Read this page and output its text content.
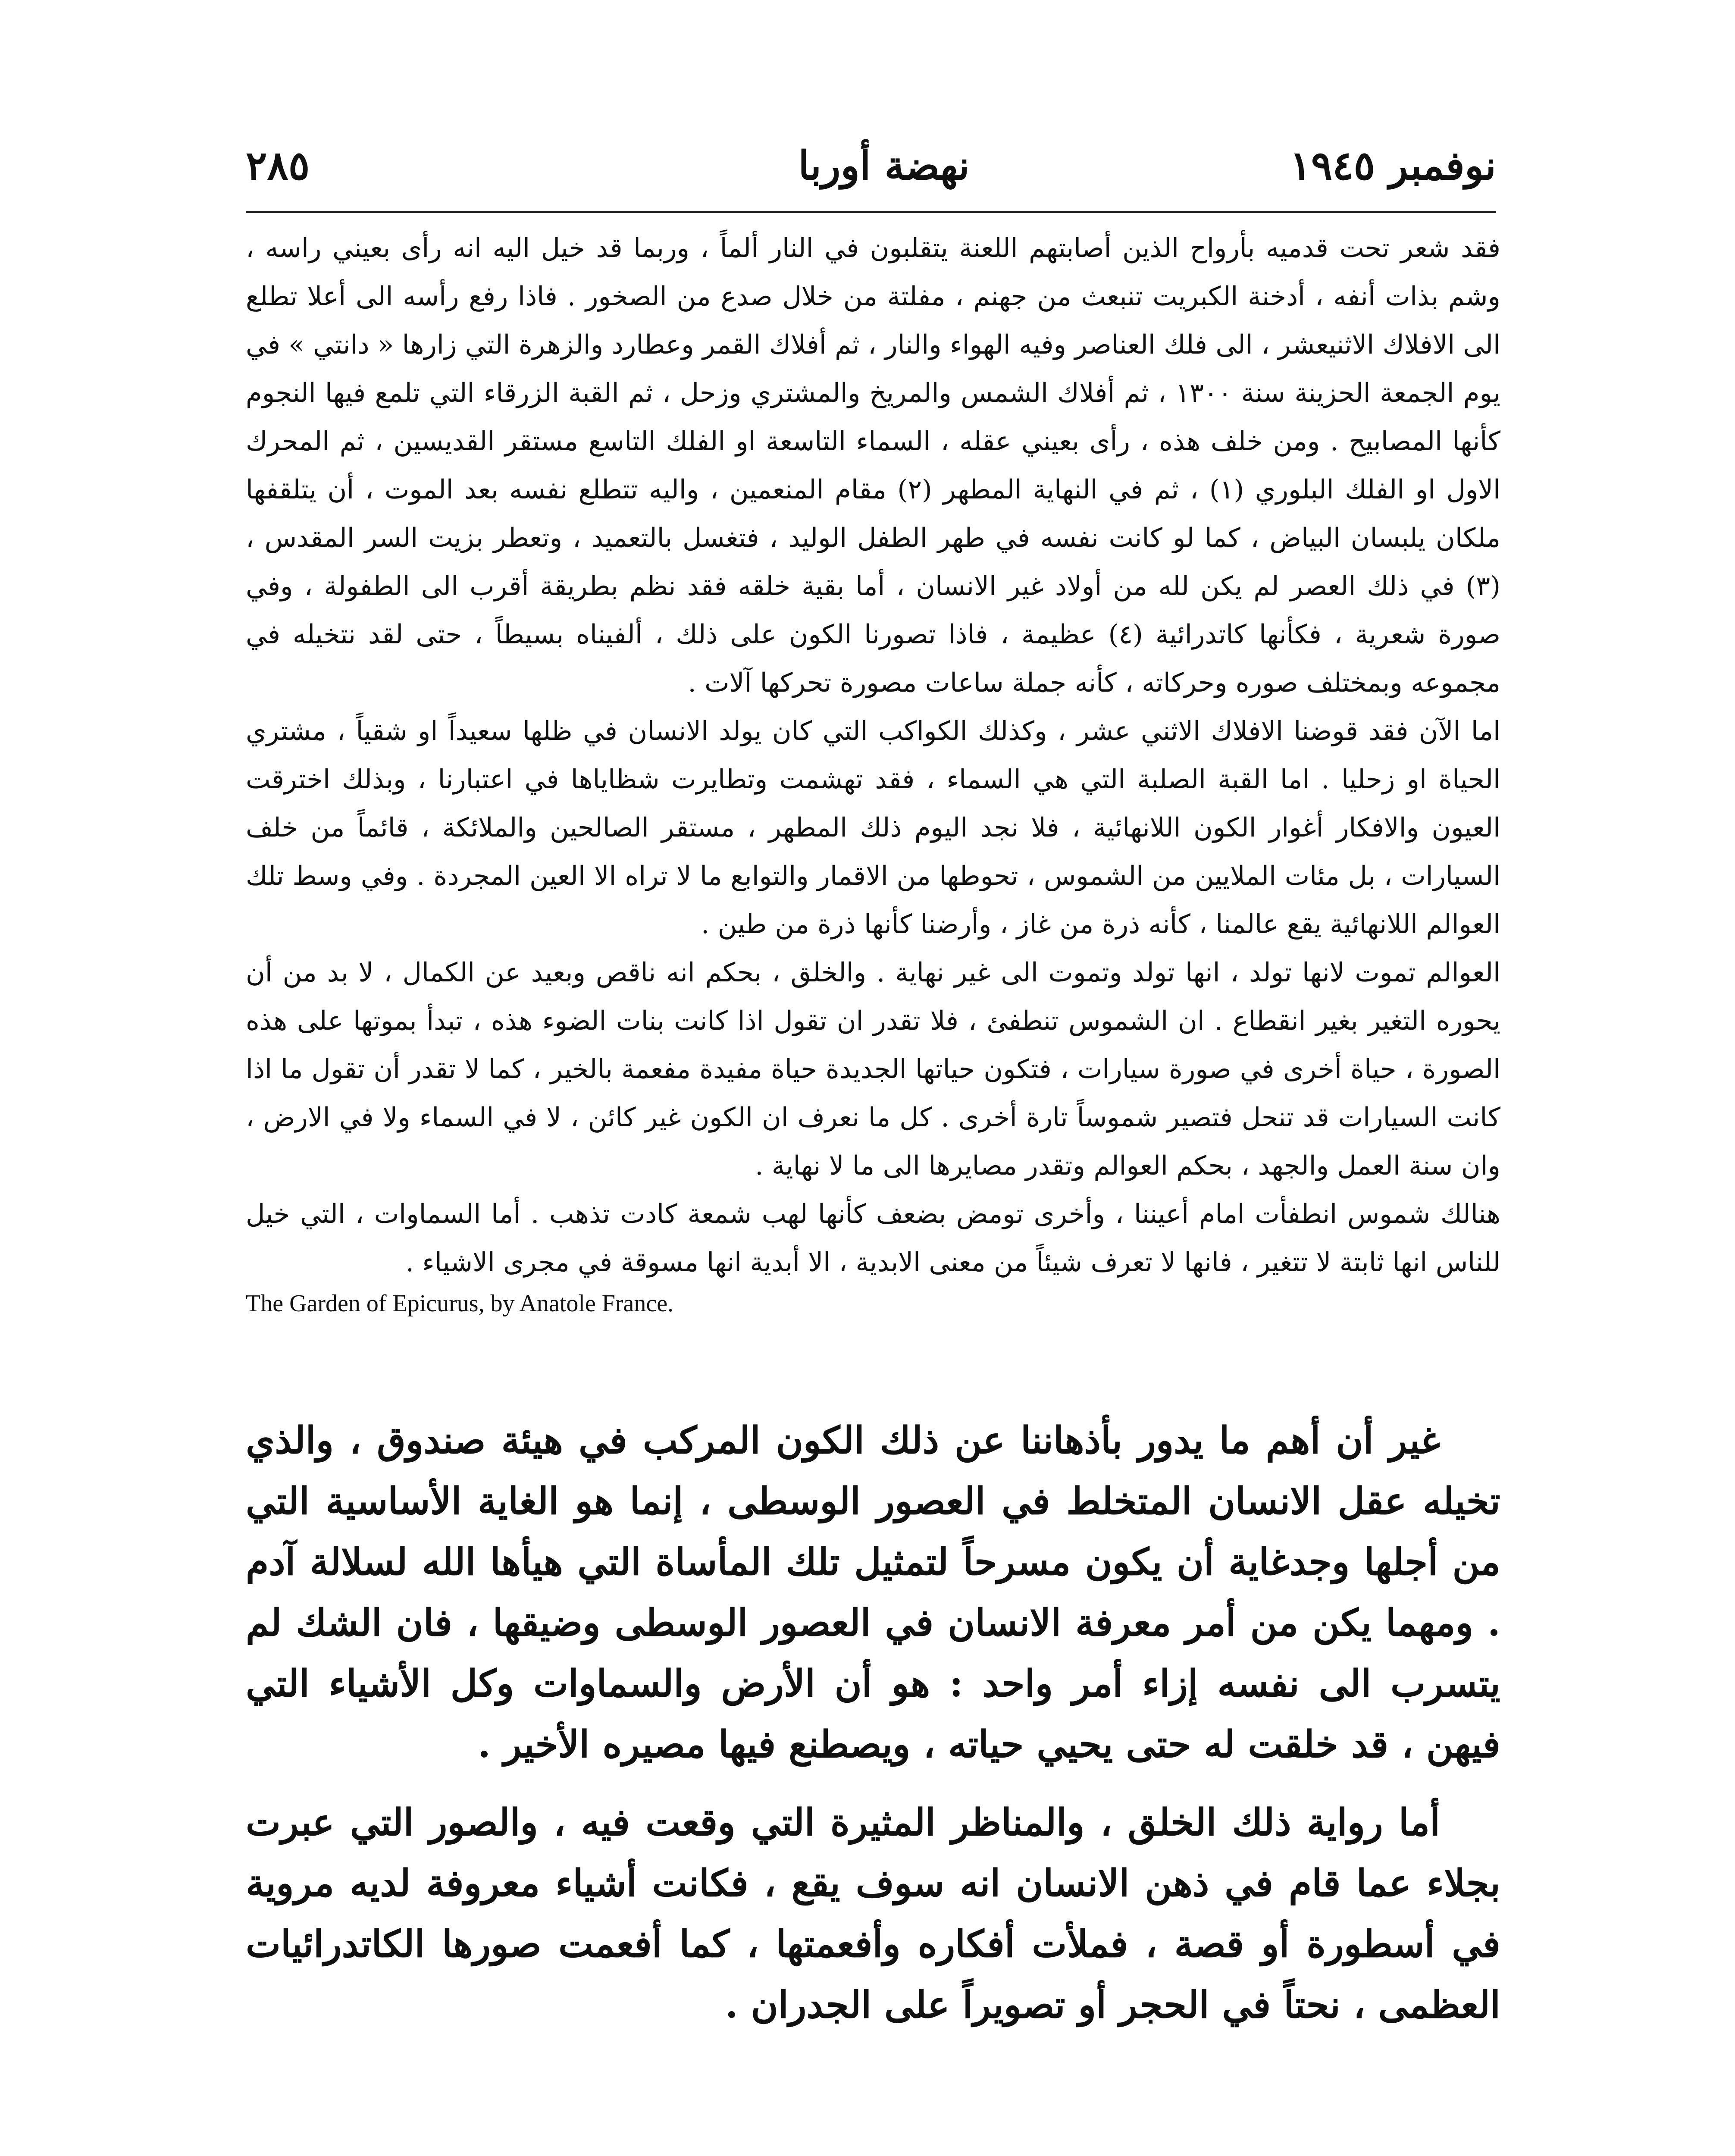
٢٨٥	نهضة أوربا	نوفمبر ١٩٤٥

فقد شعر تحت قدميه بأرواح الذين أصابتهم اللعنة يتقلبون في النار ألماً ، وربما قد خيل اليه انه رأى بعيني راسه ، وشم بذات أنفه ، أدخنة الكبريت تنبعث من جهنم ، مفلتة من خلال صدع من الصخور . فاذا رفع رأسه الى أعلا تطلع الى الافلاك الاثنيعشر ، الى فلك العناصر وفيه الهواء والنار ، ثم أفلاك القمر وعطارد والزهرة التي زارها « دانتي » في يوم الجمعة الحزينة سنة ١٣٠٠ ، ثم أفلاك الشمس والمريخ والمشتري وزحل ، ثم القبة الزرقاء التي تلمع فيها النجوم كأنها المصابيح . ومن خلف هذه ، رأى بعيني عقله ، السماء التاسعة او الفلك التاسع مستقر القديسين ، ثم المحرك الاول او الفلك البلوري (١) ، ثم في النهاية المطهر (٢) مقام المنعمين ، واليه تتطلع نفسه بعد الموت ، أن يتلقفها ملكان يلبسان البياض ، كما لو كانت نفسه في طهر الطفل الوليد ، فتغسل بالتعميد ، وتعطر بزيت السر المقدس ، (٣) في ذلك العصر لم يكن لله من أولاد غير الانسان ، أما بقية خلقه فقد نظم بطريقة أقرب الى الطفولة ، وفي صورة شعرية ، فكأنها كاتدرائية (٤) عظيمة ، فاذا تصورنا الكون على ذلك ، ألفيناه بسيطاً ، حتى لقد نتخيله في مجموعه وبمختلف صوره وحركاته ، كأنه جملة ساعات مصورة تحركها آلات .

اما الآن فقد قوضنا الافلاك الاثني عشر ، وكذلك الكواكب التي كان يولد الانسان في ظلها سعيداً او شقياً ، مشتري الحياة او زحليا . اما القبة الصلبة التي هي السماء ، فقد تهشمت وتطايرت شظاياها في اعتبارنا ، وبذلك اخترقت العيون والافكار أغوار الكون اللانهائية ، فلا نجد اليوم ذلك المطهر ، مستقر الصالحين والملائكة ، قائماً من خلف السيارات ، بل مئات الملايين من الشموس ، تحوطها من الاقمار والتوابع ما لا تراه الا العين المجردة . وفي وسط تلك العوالم اللانهائية يقع عالمنا ، كأنه ذرة من غاز ، وأرضنا كأنها ذرة من طين .

العوالم تموت لانها تولد ، انها تولد وتموت الى غير نهاية . والخلق ، بحكم انه ناقص وبعيد عن الكمال ، لا بد من أن يحوره التغير بغير انقطاع . ان الشموس تنطفئ ، فلا تقدر ان تقول اذا كانت بنات الضوء هذه ، تبدأ بموتها على هذه الصورة ، حياة أخرى في صورة سيارات ، فتكون حياتها الجديدة حياة مفيدة مفعمة بالخير ، كما لا تقدر أن تقول ما اذا كانت السيارات قد تنحل فتصير شموساً تارة أخرى . كل ما نعرف ان الكون غير كائن ، لا في السماء ولا في الارض ، وان سنة العمل والجهد ، بحكم العوالم وتقدر مصايرها الى ما لا نهاية .

هنالك شموس انطفأت امام أعيننا ، وأخرى تومض بضعف كأنها لهب شمعة كادت تذهب . أما السماوات ، التي خيل للناس انها ثابتة لا تتغير ، فانها لا تعرف شيئاً من معنى الابدية ، الا أبدية انها مسوقة في مجرى الاشياء .

The Garden of Epicurus, by Anatole France.

غير أن أهم ما يدور بأذهاننا عن ذلك الكون المركب في هيئة صندوق ، والذي تخيله عقل الانسان المتخلط في العصور الوسطى ، إنما هو الغاية الأساسية التي من أجلها وجدغاية أن يكون مسرحاً لتمثيل تلك المأساة التي هيأها الله لسلالة آدم . ومهما يكن من أمر معرفة الانسان في العصور الوسطى وضيقها ، فان الشك لم يتسرب الى نفسه إزاء أمر واحد : هو أن الأرض والسماوات وكل الأشياء التي فيهن ، قد خلقت له حتى يحيي حياته ، ويصطنع فيها مصيره الأخير .

أما رواية ذلك الخلق ، والمناظر المثيرة التي وقعت فيه ، والصور التي عبرت بجلاء عما قام في ذهن الانسان انه سوف يقع ، فكانت أشياء معروفة لديه مروية في أسطورة أو قصة ، فملأت أفكاره وأفعمتها ، كما أفعمت صورها الكاتدرائيات العظمى ، نحتاً في الحجر أو تصويراً على الجدران .
